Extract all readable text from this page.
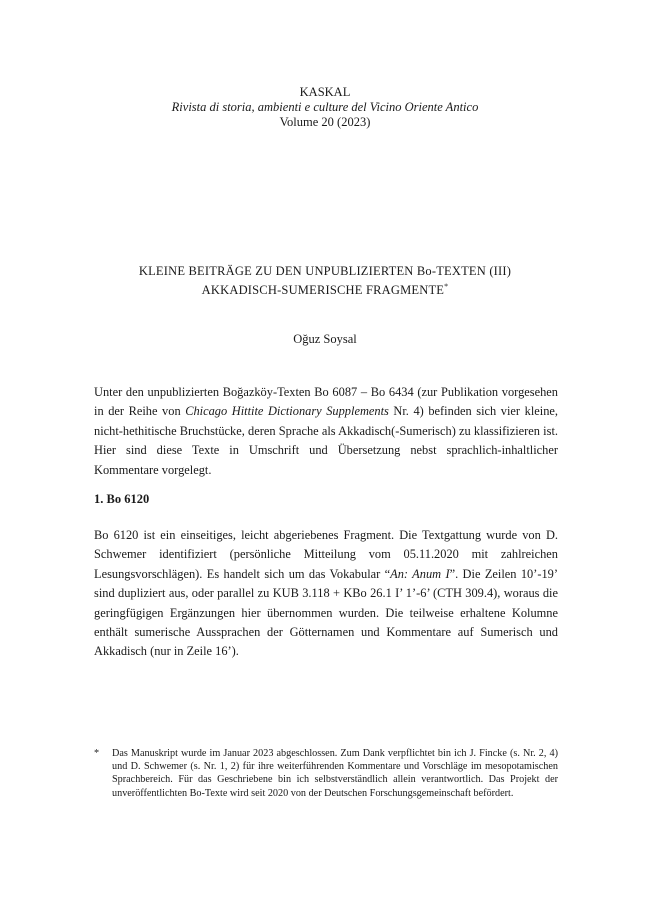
KASKAL
Rivista di storia, ambienti e culture del Vicino Oriente Antico
Volume 20 (2023)
KLEINE BEITRÄGE ZU DEN UNPUBLIZIERTEN Bo-TEXTEN (III)
AKKADISCH-SUMERISCHE FRAGMENTE*
Oğuz Soysal

Unter den unpublizierten Boğazköy-Texten Bo 6087 – Bo 6434 (zur Publikation vorgesehen in der Reihe von Chicago Hittite Dictionary Supplements Nr. 4) befinden sich vier kleine, nicht-hethitische Bruchstücke, deren Sprache als Akkadisch(-Sumerisch) zu klassifizieren ist. Hier sind diese Texte in Umschrift und Übersetzung nebst sprachlich-inhaltlicher Kommentare vorgelegt.

1. Bo 6120

Bo 6120 ist ein einseitiges, leicht abgeriebenes Fragment. Die Textgattung wurde von D. Schwemer identifiziert (persönliche Mitteilung vom 05.11.2020 mit zahlreichen Lesungsvorschlägen). Es handelt sich um das Vokabular “An: Anum I”. Die Zeilen 10’-19’ sind dupliziert aus, oder parallel zu KUB 3.118 + KBo 26.1 I’ 1’-6’ (CTH 309.4), woraus die geringfügigen Ergänzungen hier übernommen wurden. Die teilweise erhaltene Kolumne enthält sumerische Aussprachen der Götternamen und Kommentare auf Sumerisch und Akkadisch (nur in Zeile 16’).

*	Das Manuskript wurde im Januar 2023 abgeschlossen. Zum Dank verpflichtet bin ich J. Fincke (s. Nr. 2, 4) und D. Schwemer (s. Nr. 1, 2) für ihre weiterführenden Kommentare und Vorschläge im mesopotamischen Sprachbereich. Für das Geschriebene bin ich selbstverständlich allein verantwortlich. Das Projekt der unveröffentlichten Bo-Texte wird seit 2020 von der Deutschen Forschungsgemeinschaft befördert.
